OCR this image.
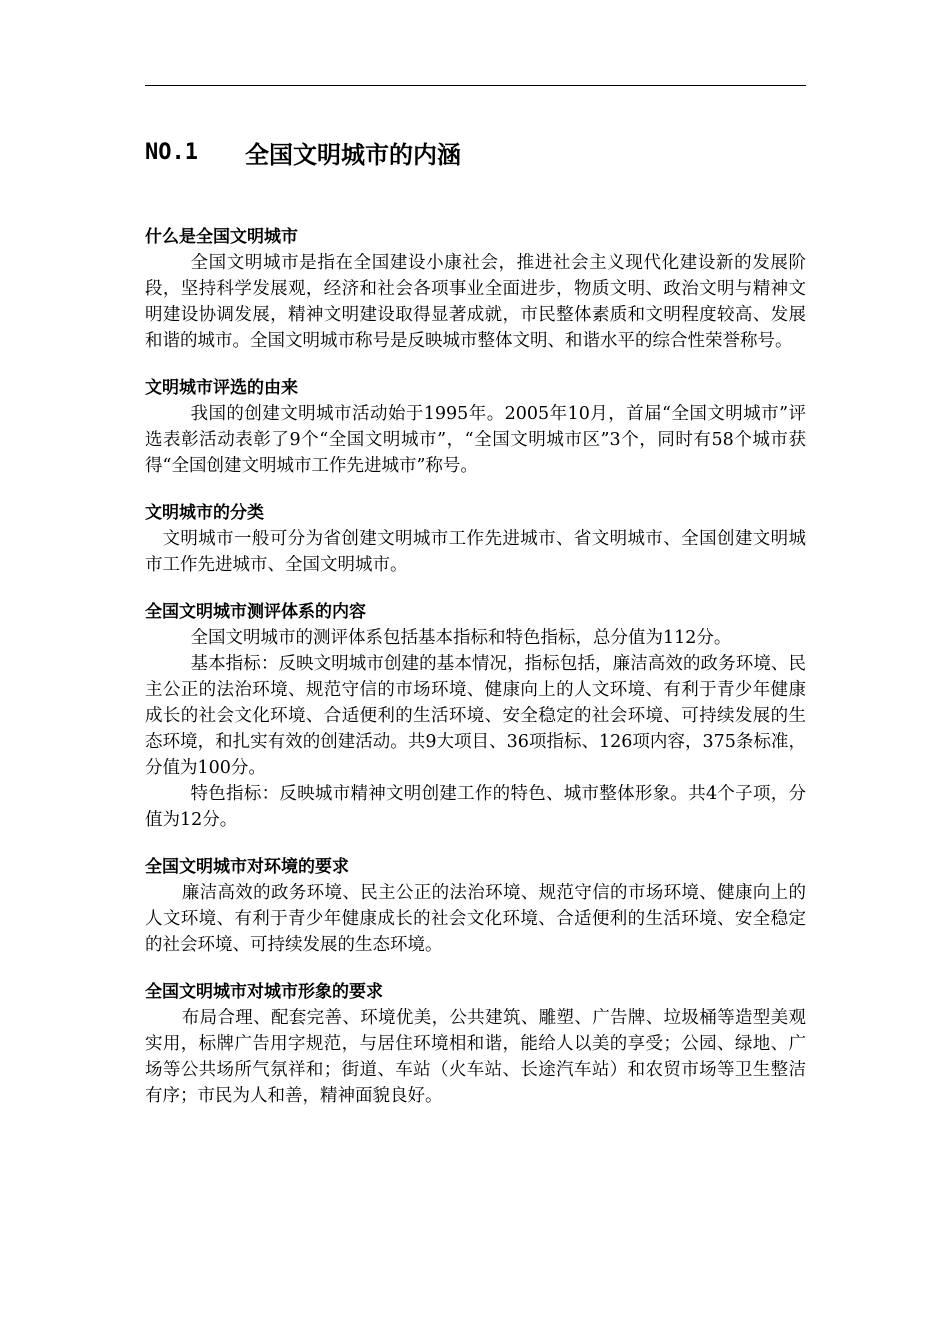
NO.1	全国文明城市的内涵

什么是全国文明城市

全国文明城市是指在全国建设小康社会，推进社会主义现代化建设新的发展阶段，坚持科学发展观，经济和社会各项事业全面进步，物质文明、政治文明与精神文明建设协调发展，精神文明建设取得显著成就，市民整体素质和文明程度较高、发展和谐的城市。全国文明城市称号是反映城市整体文明、和谐水平的综合性荣誉称号。

文明城市评选的由来

我国的创建文明城市活动始于1995年。2005年10月，首届“全国文明城市”评选表彰活动表彰了9个“全国文明城市”，“全国文明城市区”3个，同时有58个城市获得“全国创建文明城市工作先进城市”称号。

文明城市的分类

文明城市一般可分为省创建文明城市工作先进城市、省文明城市、全国创建文明城市工作先进城市、全国文明城市。

全国文明城市测评体系的内容

全国文明城市的测评体系包括基本指标和特色指标，总分值为112分。

基本指标：反映文明城市创建的基本情况，指标包括，廉洁高效的政务环境、民主公正的法治环境、规范守信的市场环境、健康向上的人文环境、有利于青少年健康成长的社会文化环境、合适便利的生活环境、安全稳定的社会环境、可持续发展的生态环境，和扎实有效的创建活动。共9大项目、36项指标、126项内容，375条标准，分值为100分。

特色指标：反映城市精神文明创建工作的特色、城市整体形象。共4个子项，分值为12分。

全国文明城市对环境的要求

廉洁高效的政务环境、民主公正的法治环境、规范守信的市场环境、健康向上的人文环境、有利于青少年健康成长的社会文化环境、合适便利的生活环境、安全稳定的社会环境、可持续发展的生态环境。

全国文明城市对城市形象的要求

布局合理、配套完善、环境优美，公共建筑、雕塑、广告牌、垃圾桶等造型美观实用，标牌广告用字规范，与居住环境相和谐，能给人以美的享受；公园、绿地、广场等公共场所气氛祥和；街道、车站（火车站、长途汽车站）和农贸市场等卫生整洁有序；市民为人和善，精神面貌良好。
